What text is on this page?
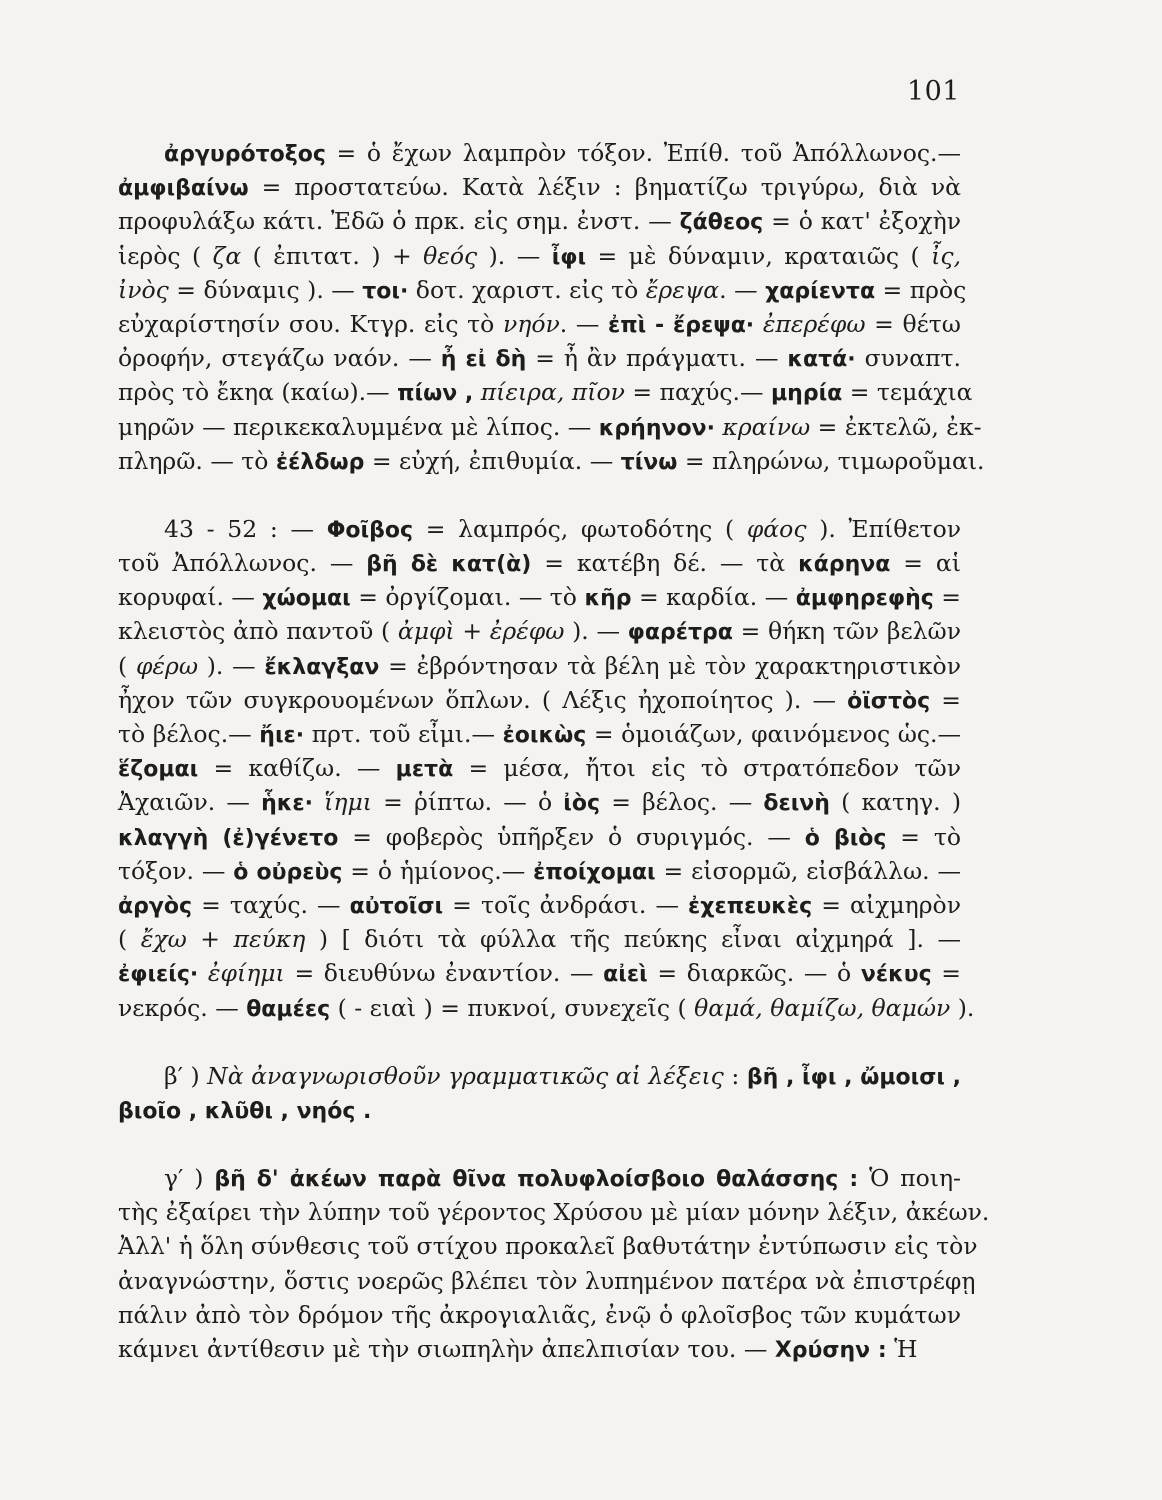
101
ἀργυρότοξος = ὁ ἔχων λαμπρὸν τόξον. Ἐπίθ. τοῦ Ἀπόλλωνος.—
ἀμφιβαίνω = προστατεύω. Κατὰ λέξιν : βηματίζω τριγύρω, διὰ νὰ
προφυλάξω κάτι. Ἐδῶ ὁ πρκ. εἰς σημ. ἐνστ. — ζάθεος = ὁ κατ' ἐξοχὴν
ἱερὸς ( ζα ( ἐπιτατ. ) + θεός ). — ἶφι = μὲ δύναμιν, κραταιῶς ( ἶς,
ἰνὸς = δύναμις ). — τοι· δοτ. χαριστ. εἰς τὸ ἔρεψα. — χαρίεντα = πρὸς
εὐχαρίστησίν σου. Κτγρ. εἰς τὸ νηόν. — ἐπὶ - ἔρεψα· ἐπερέφω = θέτω
ὀροφήν, στεγάζω ναόν. — ἦ εἰ δὴ = ἦ ἂν πράγματι. — κατά· συναπτ.
πρὸς τὸ ἔκηα (καίω).— πίων , πίειρα, πῖον = παχύς.— μηρία = τεμάχια
μηρῶν — περικεκαλυμμένα μὲ λίπος. — κρήηνον· κραίνω = ἐκτελῶ, ἐκ-
πληρῶ. — τὸ ἐέλδωρ = εὐχή, ἐπιθυμία. — τίνω = πληρώνω, τιμωροῦμαι.
43 - 52 : — Φοῖβος = λαμπρός, φωτοδότης ( φάος ). Ἐπίθετον
τοῦ Ἀπόλλωνος. — βῆ δὲ κατ(ὰ) = κατέβη δέ. — τὰ κάρηνα = αἱ
κορυφαί. — χώομαι = ὀργίζομαι. — τὸ κῆρ = καρδία. — ἀμφηρεφὴς =
κλειστὸς ἀπὸ παντοῦ ( ἀμφὶ + ἐρέφω ). — φαρέτρα = θήκη τῶν βελῶν
( φέρω ). — ἔκλαγξαν = ἐβρόντησαν τὰ βέλη μὲ τὸν χαρακτηριστικὸν
ἦχον τῶν συγκρουομένων ὅπλων. ( Λέξις ἠχοποίητος ). — ὀϊστὸς =
τὸ βέλος.— ἤιε· πρτ. τοῦ εἶμι.— ἐοικὼς = ὁμοιάζων, φαινόμενος ὡς.—
ἕζομαι = καθίζω. — μετὰ = μέσα, ἤτοι εἰς τὸ στρατόπεδον τῶν
Ἀχαιῶν. — ἧκε· ἵημι = ῥίπτω. — ὁ ἰὸς = βέλος. — δεινὴ ( κατηγ. )
κλαγγὴ (ἐ)γένετο = φοβερὸς ὑπῆρξεν ὁ συριγμός. — ὁ βιὸς = τὸ
τόξον. — ὁ οὐρεὺς = ὁ ἡμίονος.— ἐποίχομαι = εἰσορμῶ, εἰσβάλλω. —
ἀργὸς = ταχύς. — αὐτοῖσι = τοῖς ἀνδράσι. — ἐχεπευκὲς = αἰχμηρὸν
( ἔχω + πεύκη ) [ διότι τὰ φύλλα τῆς πεύκης εἶναι αἰχμηρά ]. —
ἐφιείς· ἐφίημι = διευθύνω ἐναντίον. — αἰεὶ = διαρκῶς. — ὁ νέκυς =
νεκρός. — θαμέες ( - ειαὶ ) = πυκνοί, συνεχεῖς ( θαμά, θαμίζω, θαμών ).
β′ ) Νὰ ἀναγνωρισθοῦν γραμματικῶς αἱ λέξεις : βῆ , ἶφι , ὤμοισι ,
βιοῖο , κλῦθι , νηός .
γ′ ) βῆ δ' ἀκέων παρὰ θῖνα πολυφλοίσβοιο θαλάσσης : Ὁ ποιη-
τὴς ἐξαίρει τὴν λύπην τοῦ γέροντος Χρύσου μὲ μίαν μόνην λέξιν, ἀκέων.
Ἀλλ' ἡ ὅλη σύνθεσις τοῦ στίχου προκαλεῖ βαθυτάτην ἐντύπωσιν εἰς τὸν
ἀναγνώστην, ὅστις νοερῶς βλέπει τὸν λυπημένον πατέρα νὰ ἐπιστρέφῃ
πάλιν ἀπὸ τὸν δρόμον τῆς ἀκρογιαλιᾶς, ἐνῷ ὁ φλοῖσβος τῶν κυμάτων
κάμνει ἀντίθεσιν μὲ τὴν σιωπηλὴν ἀπελπισίαν του. — Χρύσην : Ἡ
